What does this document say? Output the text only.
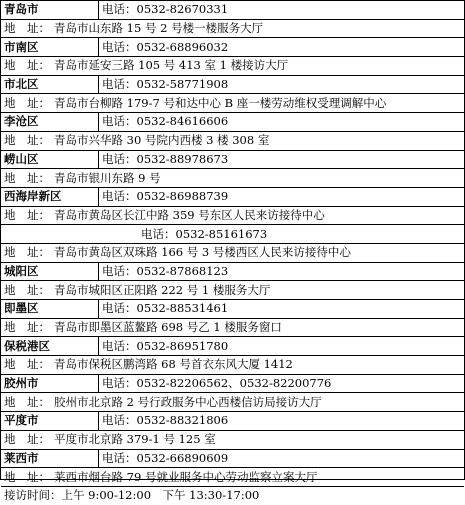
青岛市	电话：0532-82670331
地　址： 青岛市山东路 15 号 2 号楼一楼服务大厅	
市南区	电话：0532-68896032
地　址： 青岛市延安三路 105 号 413 室 1 楼接访大厅	
市北区	电话：0532-58771908
地　址： 青岛市台柳路 179-7 号和达中心 B 座一楼劳动维权受理调解中心	
李沧区	电话：0532-84616606
地　址： 青岛市兴华路 30 号院内西楼 3 楼 308 室	
崂山区	电话：0532-88978673
地　址： 青岛市银川东路 9 号	
西海岸新区	电话：0532-86988739
地　址： 青岛市黄岛区长江中路 359 号东区人民来访接待中心	
电话：0532-85161673	
地　址： 青岛市黄岛区双珠路 166 号 3 号楼西区人民来访接待中心	
城阳区	电话：0532-87868123
地　址： 青岛市城阳区正阳路 222 号 1 楼服务大厅	
即墨区	电话：0532-88531461
地　址： 青岛市即墨区蓝鳌路 698 号乙 1 楼服务窗口	
保税港区	电话：0532-86951780
地　址： 青岛市保税区鹏湾路 68 号首衣东风大厦 1412	
胶州市	电话：0532-82206562、0532-82200776
地　址： 胶州市北京路 2 号行政服务中心西楼信访局接访大厅	
平度市	电话：0532-88321806
地　址： 平度市北京路 379-1 号 125 室	
莱西市	电话：0532-66890609
地　址： 莱西市烟台路 79 号就业服务中心劳动监察立案大厅	
接访时间：上午 9:00-12:00　下午 13:30-17:00	
